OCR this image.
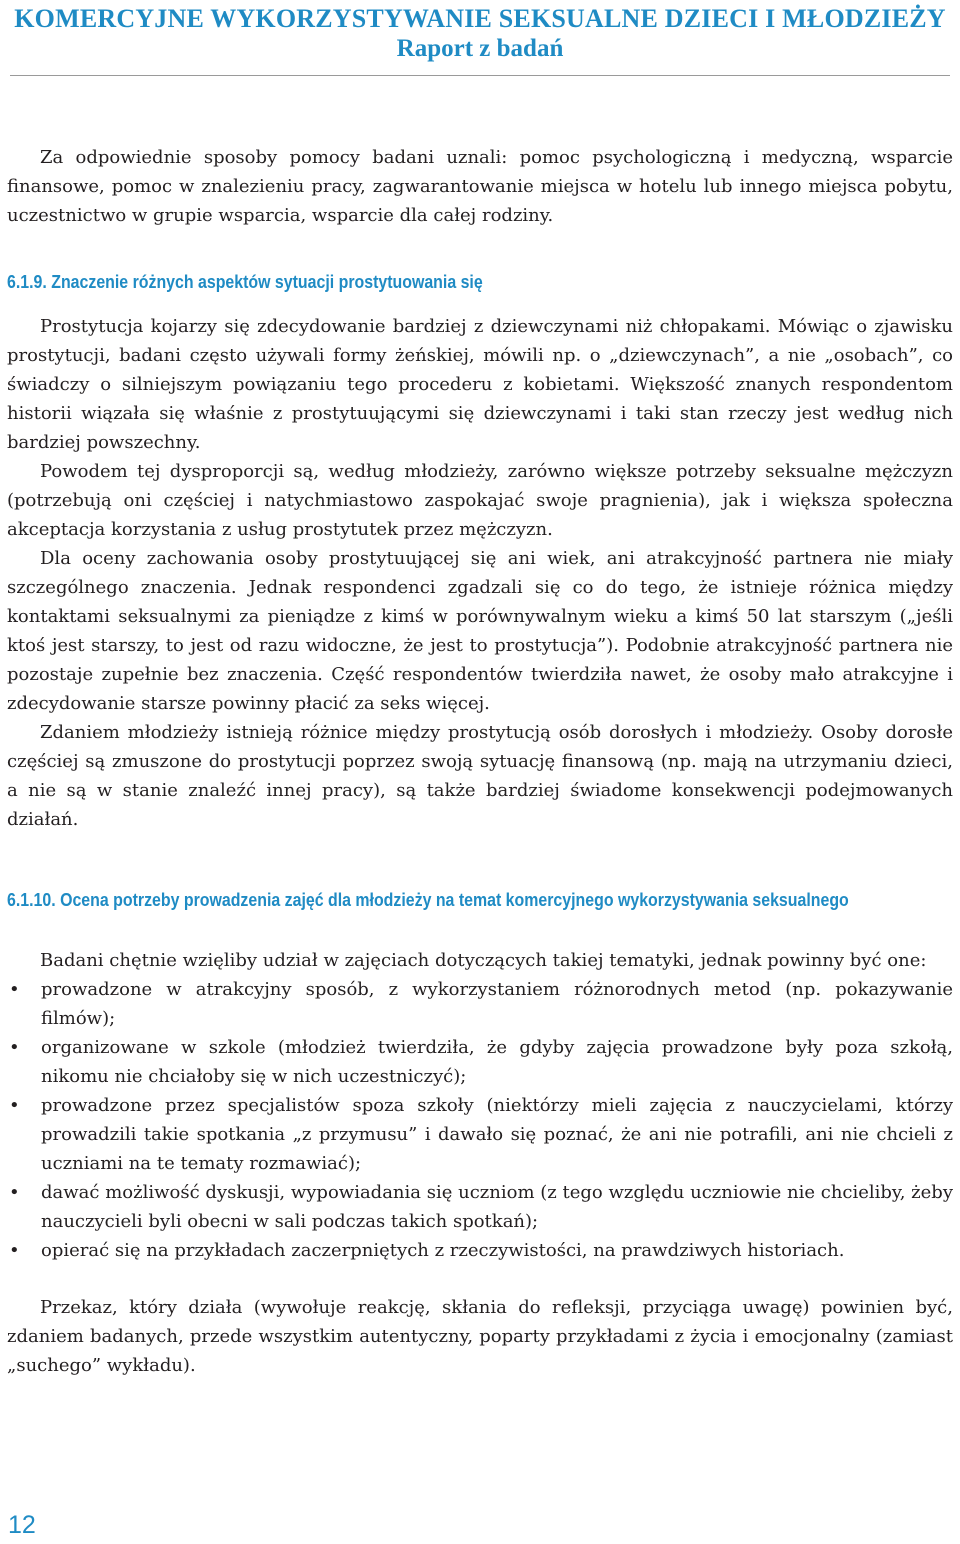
KOMERCYJNE WYKORZYSTYWANIE SEKSUALNE DZIECI I MŁODZIEŻY
Raport z badań

Za odpowiednie sposoby pomocy badani uznali: pomoc psychologiczną i medyczną, wsparcie finansowe, pomoc w znalezieniu pracy, zagwarantowanie miejsca w hotelu lub innego miejsca pobytu, uczestnictwo w grupie wsparcia, wsparcie dla całej rodziny.

6.1.9. Znaczenie różnych aspektów sytuacji prostytuowania się

Prostytucja kojarzy się zdecydowanie bardziej z dziewczynami niż chłopakami. Mówiąc o zjawisku prostytucji, badani często używali formy żeńskiej, mówili np. o „dziewczynach”, a nie „osobach”, co świadczy o silniejszym powiązaniu tego procederu z kobietami. Większość znanych respondentom historii wiązała się właśnie z prostytuującymi się dziewczynami i taki stan rzeczy jest według nich bardziej powszechny.

Powodem tej dysproporcji są, według młodzieży, zarówno większe potrzeby seksualne mężczyzn (potrzebują oni częściej i natychmiastowo zaspokajać swoje pragnienia), jak i większa społeczna akceptacja korzystania z usług prostytutek przez mężczyzn.

Dla oceny zachowania osoby prostytuującej się ani wiek, ani atrakcyjność partnera nie miały szczególnego znaczenia. Jednak respondenci zgadzali się co do tego, że istnieje różnica między kontaktami seksualnymi za pieniądze z kimś w porównywalnym wieku a kimś 50 lat starszym („jeśli ktoś jest starszy, to jest od razu widoczne, że jest to prostytucja”). Podobnie atrakcyjność partnera nie pozostaje zupełnie bez znaczenia. Część respondentów twierdziła nawet, że osoby mało atrakcyjne i zdecydowanie starsze powinny płacić za seks więcej.

Zdaniem młodzieży istnieją różnice między prostytucją osób dorosłych i młodzieży. Osoby dorosłe częściej są zmuszone do prostytucji poprzez swoją sytuację finansową (np. mają na utrzymaniu dzieci, a nie są w stanie znaleźć innej pracy), są także bardziej świadome konsekwencji podejmowanych działań.

6.1.10. Ocena potrzeby prowadzenia zajęć dla młodzieży na temat komercyjnego wykorzystywania seksualnego

Badani chętnie wzięliby udział w zajęciach dotyczących takiej tematyki, jednak powinny być one:

• prowadzone w atrakcyjny sposób, z wykorzystaniem różnorodnych metod (np. pokazywanie filmów);
• organizowane w szkole (młodzież twierdziła, że gdyby zajęcia prowadzone były poza szkołą, nikomu nie chciałoby się w nich uczestniczyć);
• prowadzone przez specjalistów spoza szkoły (niektórzy mieli zajęcia z nauczycielami, którzy prowadzili takie spotkania „z przymusu” i dawało się poznać, że ani nie potrafili, ani nie chcieli z uczniami na te tematy rozmawiać);
• dawać możliwość dyskusji, wypowiadania się uczniom (z tego względu uczniowie nie chcieliby, żeby nauczycieli byli obecni w sali podczas takich spotkań);
• opierać się na przykładach zaczerpniętych z rzeczywistości, na prawdziwych historiach.

Przekaz, który działa (wywołuje reakcję, skłania do refleksji, przyciąga uwagę) powinien być, zdaniem badanych, przede wszystkim autentyczny, poparty przykładami z życia i emocjonalny (zamiast „suchego” wykładu).

12
